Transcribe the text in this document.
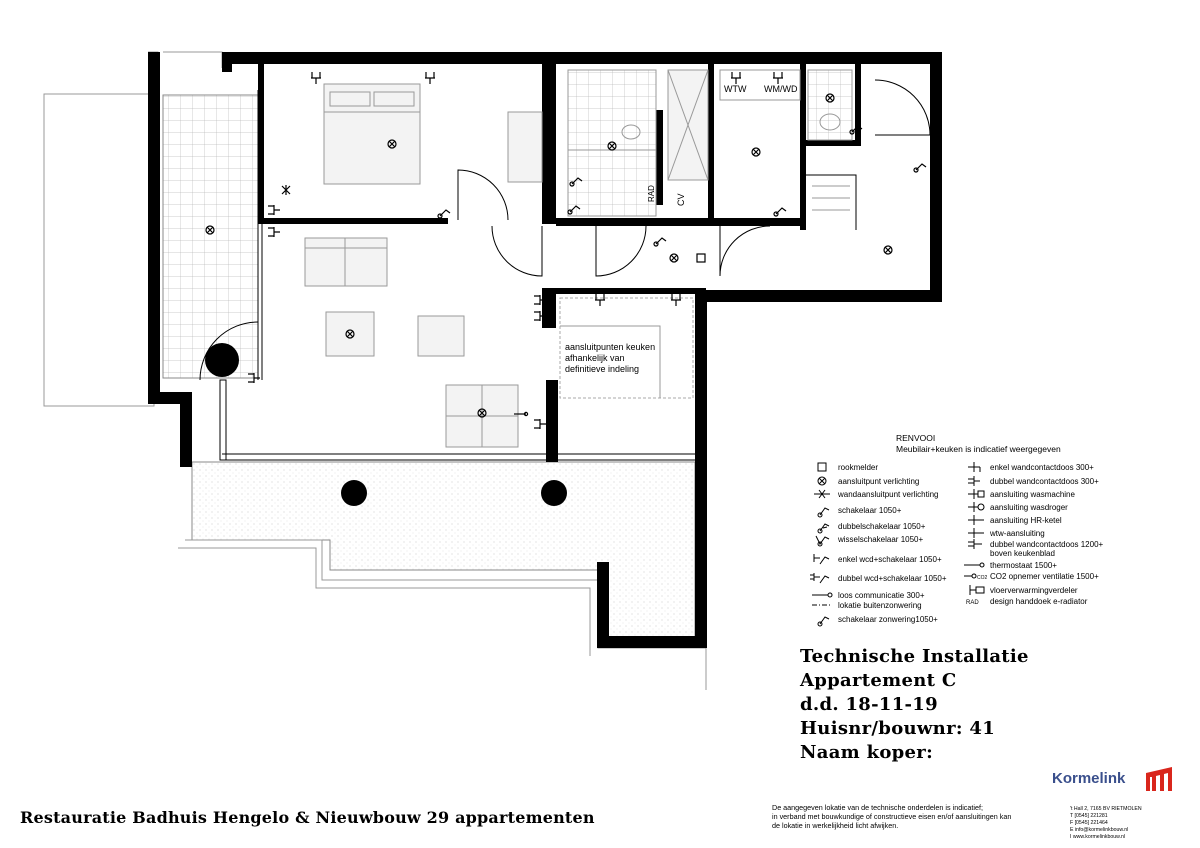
WTW WM/WD
CV
RAD
aansluitpunten keuken
afhankelijk van
definitieve indeling
RENVOOI
Meubilair+keuken is indicatief weergegeven
rookmelder
aansluitpunt verlichting
wandaansluitpunt verlichting
schakelaar 1050+
dubbelschakelaar 1050+
wisselschakelaar 1050+
enkel wcd+schakelaar 1050+
dubbel wcd+schakelaar 1050+
loos communicatie 300+
lokatie buitenzonwering
schakelaar zonwering1050+
enkel wandcontactdoos 300+
dubbel wandcontactdoos 300+
aansluiting wasmachine
aansluiting wasdroger
aansluiting HR-ketel
wtw-aansluiting
dubbel wandcontactdoos 1200+
boven keukenblad
thermostaat 1500+
CO2 CO2 opnemer ventilatie 1500+
vloerverwarmingverdeler
RAD design handdoek e-radiator
Technische Installatie
Appartement C
d.d. 18-11-19
Huisnr/bouwnr: 41
Naam koper:
Kormelink
Restauratie Badhuis Hengelo & Nieuwbouw 29 appartementen
De aangegeven lokatie van de technische onderdelen is indicatief;
in verband met bouwkundige of constructieve eisen en/of aansluitingen kan
de lokatie in werkelijkheid licht afwijken.
't Hall 2, 7165 BV RIETMOLEN
T [0545] 221281
F [0545] 221464
E info@kormelinkbouw.nl
I www.kormelinkbouw.nl
